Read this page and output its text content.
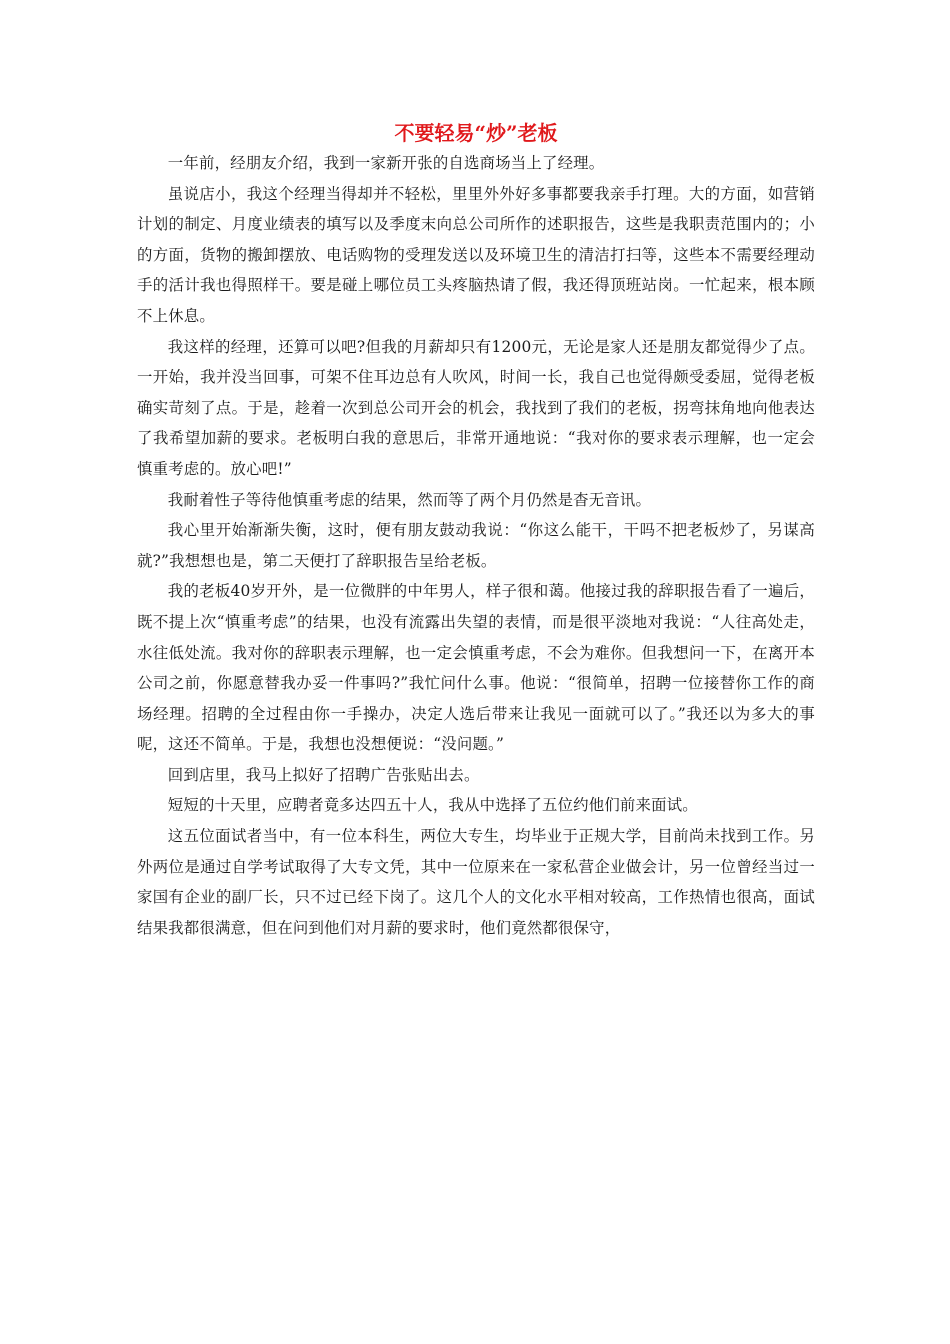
不要轻易“炒”老板

一年前，经朋友介绍，我到一家新开张的自选商场当上了经理。

虽说店小，我这个经理当得却并不轻松，里里外外好多事都要我亲手打理。大的方面，如营销计划的制定、月度业绩表的填写以及季度末向总公司所作的述职报告，这些是我职责范围内的；小的方面，货物的搬卸摆放、电话购物的受理发送以及环境卫生的清洁打扫等，这些本不需要经理动手的活计我也得照样干。要是碰上哪位员工头疼脑热请了假，我还得顶班站岗。一忙起来，根本顾不上休息。

我这样的经理，还算可以吧?但我的月薪却只有1200元，无论是家人还是朋友都觉得少了点。一开始，我并没当回事，可架不住耳边总有人吹风，时间一长，我自己也觉得颇受委屈，觉得老板确实苛刻了点。于是，趁着一次到总公司开会的机会，我找到了我们的老板，拐弯抹角地向他表达了我希望加薪的要求。老板明白我的意思后，非常开通地说：“我对你的要求表示理解，也一定会慎重考虑的。放心吧!”

我耐着性子等待他慎重考虑的结果，然而等了两个月仍然是杳无音讯。

我心里开始渐渐失衡，这时，便有朋友鼓动我说：“你这么能干，干吗不把老板炒了，另谋高就?”我想想也是，第二天便打了辞职报告呈给老板。

我的老板40岁开外，是一位微胖的中年男人，样子很和蔼。他接过我的辞职报告看了一遍后，既不提上次“慎重考虑”的结果，也没有流露出失望的表情，而是很平淡地对我说：“人往高处走，水往低处流。我对你的辞职表示理解，也一定会慎重考虑，不会为难你。但我想问一下，在离开本公司之前，你愿意替我办妥一件事吗?”我忙问什么事。他说：“很简单，招聘一位接替你工作的商场经理。招聘的全过程由你一手操办，决定人选后带来让我见一面就可以了。”我还以为多大的事呢，这还不简单。于是，我想也没想便说：“没问题。”

回到店里，我马上拟好了招聘广告张贴出去。

短短的十天里，应聘者竟多达四五十人，我从中选择了五位约他们前来面试。

这五位面试者当中，有一位本科生，两位大专生，均毕业于正规大学，目前尚未找到工作。另外两位是通过自学考试取得了大专文凭，其中一位原来在一家私营企业做会计，另一位曾经当过一家国有企业的副厂长，只不过已经下岗了。这几个人的文化水平相对较高，工作热情也很高，面试结果我都很满意，但在问到他们对月薪的要求时，他们竟然都很保守，
